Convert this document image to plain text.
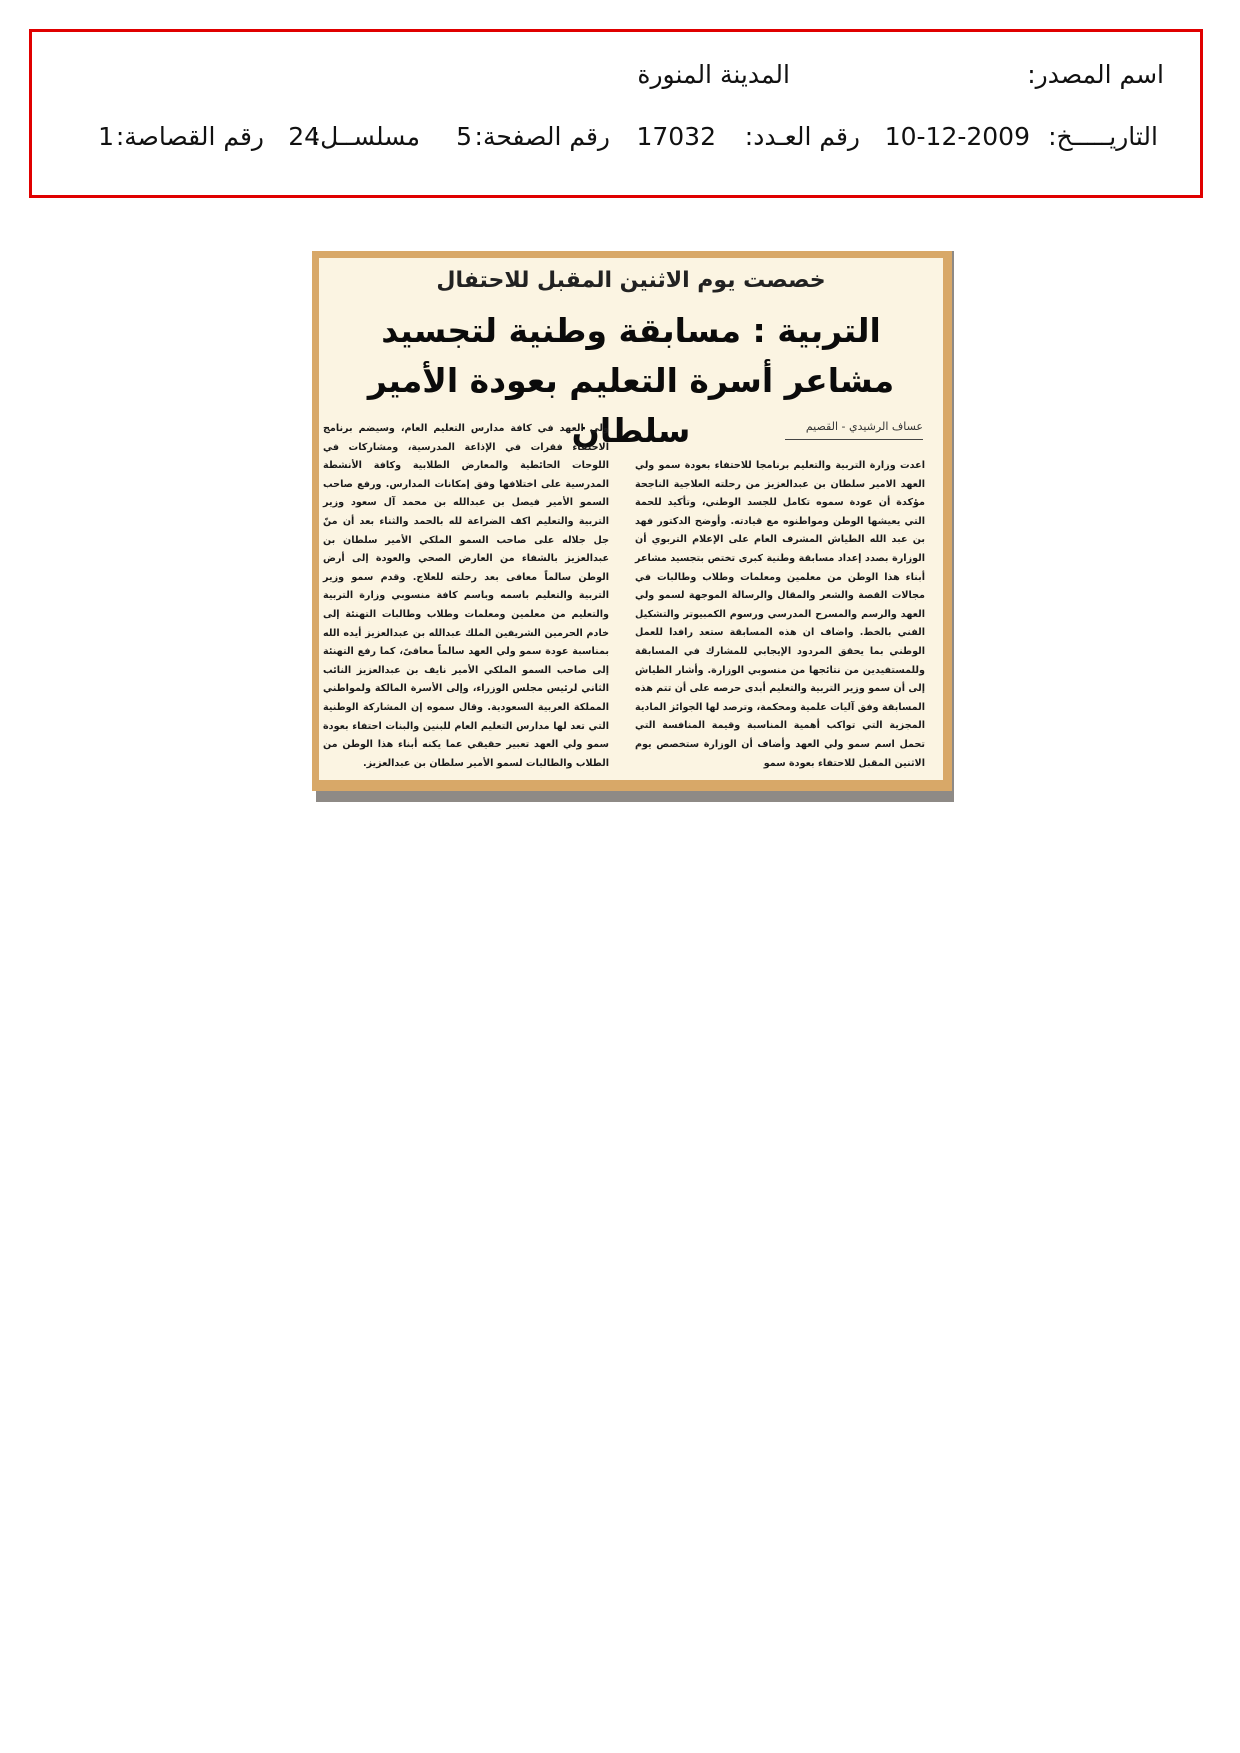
اسم المصدر:
المدينة المنورة
التاريـــــخ:
10-12-2009
رقم العـدد:
17032
رقم الصفحة:
5
مسلســل:
24
رقم القصاصة:
1
خصصت يوم الاثنين المقبل للاحتفال
التربية : مسابقة وطنية لتجسيد
مشاعر أسرة التعليم بعودة الأمير سلطان	عساف الرشيدي - القصيم

اعدت وزارة التربية والتعليم برنامجا للاحتفاء بعودة سمو ولي العهد الامير سلطان بن عبدالعزيز من رحلته العلاجية الناجحة مؤكدة أن عودة سموه تكامل للجسد الوطني، وتأكيد للحمة التي يعيشها الوطن ومواطنوه مع قيادته. وأوضح الدكتور فهد بن عبد الله الطياش المشرف العام على الإعلام التربوي أن الوزارة بصدد إعداد مسابقة وطنية كبرى تختص بتجسيد مشاعر أبناء هذا الوطن من معلمين ومعلمات وطلاب وطالبات في مجالات القصة والشعر والمقال والرسالة الموجهة لسمو ولي العهد والرسم والمسرح المدرسي ورسوم الكمبيوتر والتشكيل الفني بالخط. واضاف ان هذه المسابقة ستعد رافدا للعمل الوطني بما يحقق المردود الإيجابي للمشارك في المسابقة وللمستفيدين من نتائجها من منسوبي الوزارة. وأشار الطياش إلى أن سمو وزير التربية والتعليم أبدى حرصه على أن تتم هذه المسابقة وفق آليات علمية ومحكمة، وترصد لها الجوائز المادية المجزية التي تواكب أهمية المناسبة وقيمة المنافسة التي تحمل اسم سمو ولي العهد وأضاف أن الوزارة ستخصص يوم الاثنين المقبل للاحتفاء بعودة سمو

ولي العهد في كافة مدارس التعليم العام، وسيضم برنامج الاحتفاء فقرات في الإذاعة المدرسية، ومشاركات في اللوحات الحائطية والمعارض الطلابية وكافة الأنشطة المدرسية على اختلافها وفق إمكانات المدارس. ورفع صاحب السمو الأمير فيصل بن عبدالله بن محمد آل سعود وزير التربية والتعليم اكف الضراعة لله بالحمد والثناء بعد أن منّ جل جلاله على صاحب السمو الملكي الأمير سلطان بن عبدالعزيز بالشفاء من العارض الصحي والعودة إلى أرض الوطن سالماً معافى بعد رحلته للعلاج. وقدم سمو وزير التربية والتعليم باسمه وباسم كافة منسوبي وزارة التربية والتعليم من معلمين ومعلمات وطلاب وطالبات التهنئة إلى خادم الحرمين الشريفين الملك عبدالله بن عبدالعزيز أيده الله بمناسبة عودة سمو ولي العهد سالماً معافىً، كما رفع التهنئة إلى صاحب السمو الملكي الأمير نايف بن عبدالعزيز النائب الثاني لرئيس مجلس الوزراء، وإلى الأسرة المالكة ولمواطني المملكة العربية السعودية. وقال سموه إن المشاركة الوطنية التي تعد لها مدارس التعليم العام للبنين والبنات احتفاء بعودة سمو ولي العهد تعبير حقيقي عما يكنه أبناء هذا الوطن من الطلاب والطالبات لسمو الأمير سلطان بن عبدالعزيز.
